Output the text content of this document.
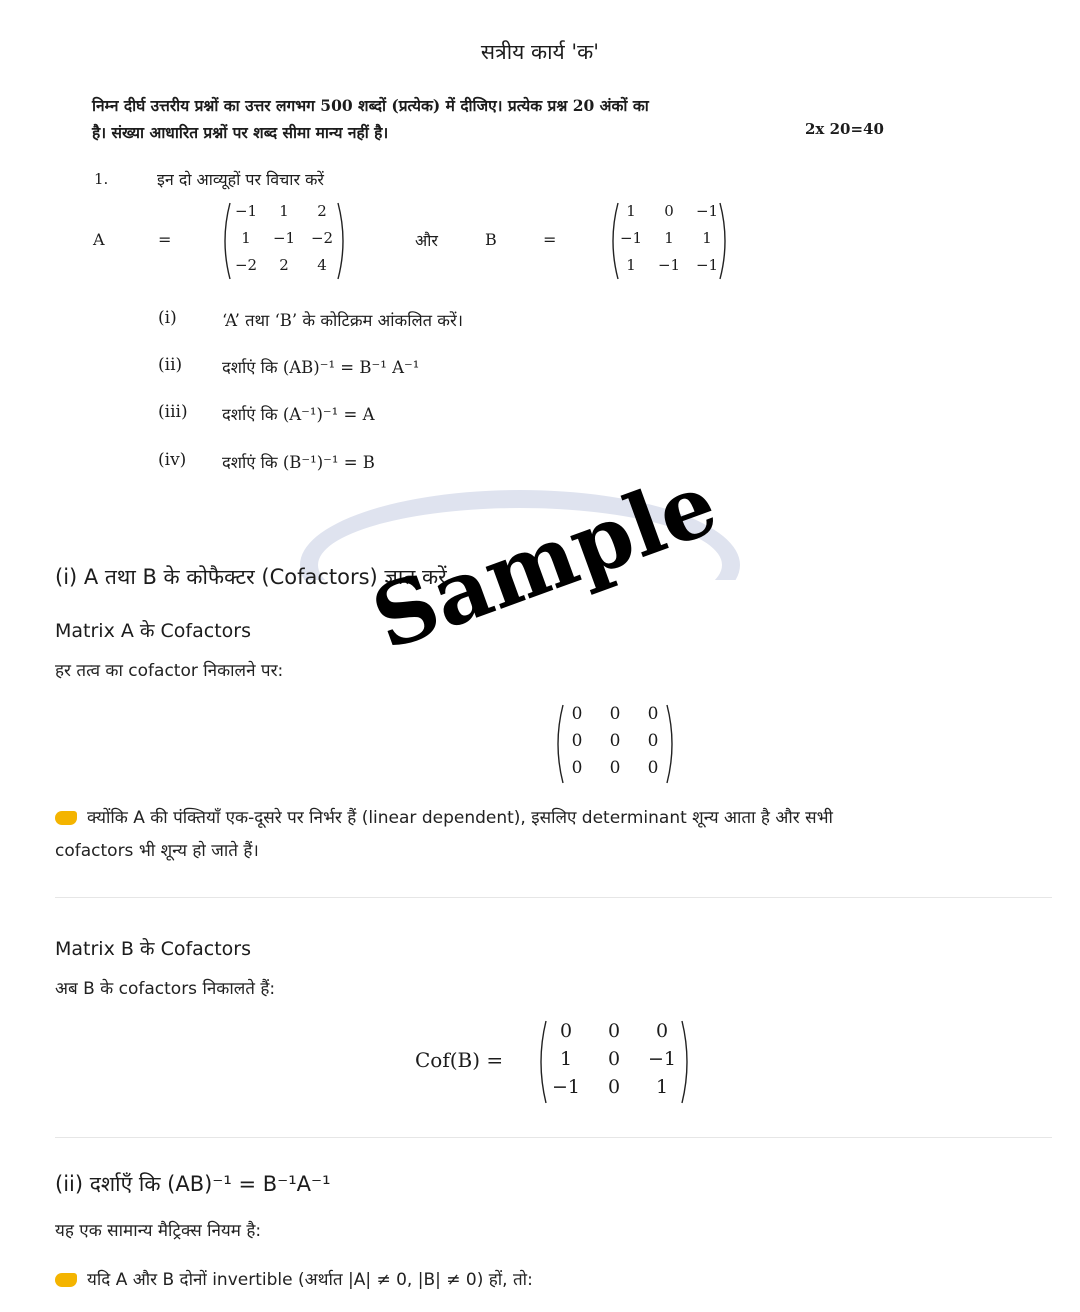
सत्रीय कार्य 'क'
निम्न दीर्घ उत्तरीय प्रश्नों का उत्तर लगभग 500 शब्दों (प्रत्येक) में दीजिए। प्रत्येक प्रश्न 20 अंकों का
है। संख्या आधारित प्रश्नों पर शब्द सीमा मान्य नहीं है।	2x 20=40
1.	इन दो आव्यूहों पर विचार करें
A	=
−1	1	2
1	−1	−2
−2	2	4
और	B	=
1	0	−1
−1	1	1
1	−1	−1
(i)	‘A’ तथा ‘B’ के कोटिक्रम आंकलित करें।
(ii) दर्शाएं कि (AB)⁻¹ = B⁻¹ A⁻¹
(iii) दर्शाएं कि (A⁻¹)⁻¹ = A
(iv) दर्शाएं कि (B⁻¹)⁻¹ = B
(i) A तथा B के कोफैक्टर (Cofactors) ज्ञात करें
Matrix A के Cofactors
हर तत्व का cofactor निकालने पर:
0	0	0
0	0	0
0	0	0
क्योंकि A की पंक्तियाँ एक-दूसरे पर निर्भर हैं (linear dependent), इसलिए determinant शून्य आता है और सभी
cofactors भी शून्य हो जाते हैं।
Matrix B के Cofactors
अब B के cofactors निकालते हैं:
Cof(B) =
0	0	0
1	0	−1
−1	0	1
(ii) दर्शाएँ कि (AB)⁻¹ = B⁻¹A⁻¹
यह एक सामान्य मैट्रिक्स नियम है:
यदि A और B दोनों invertible (अर्थात |A| ≠ 0, |B| ≠ 0) हों, तो:
Sample
